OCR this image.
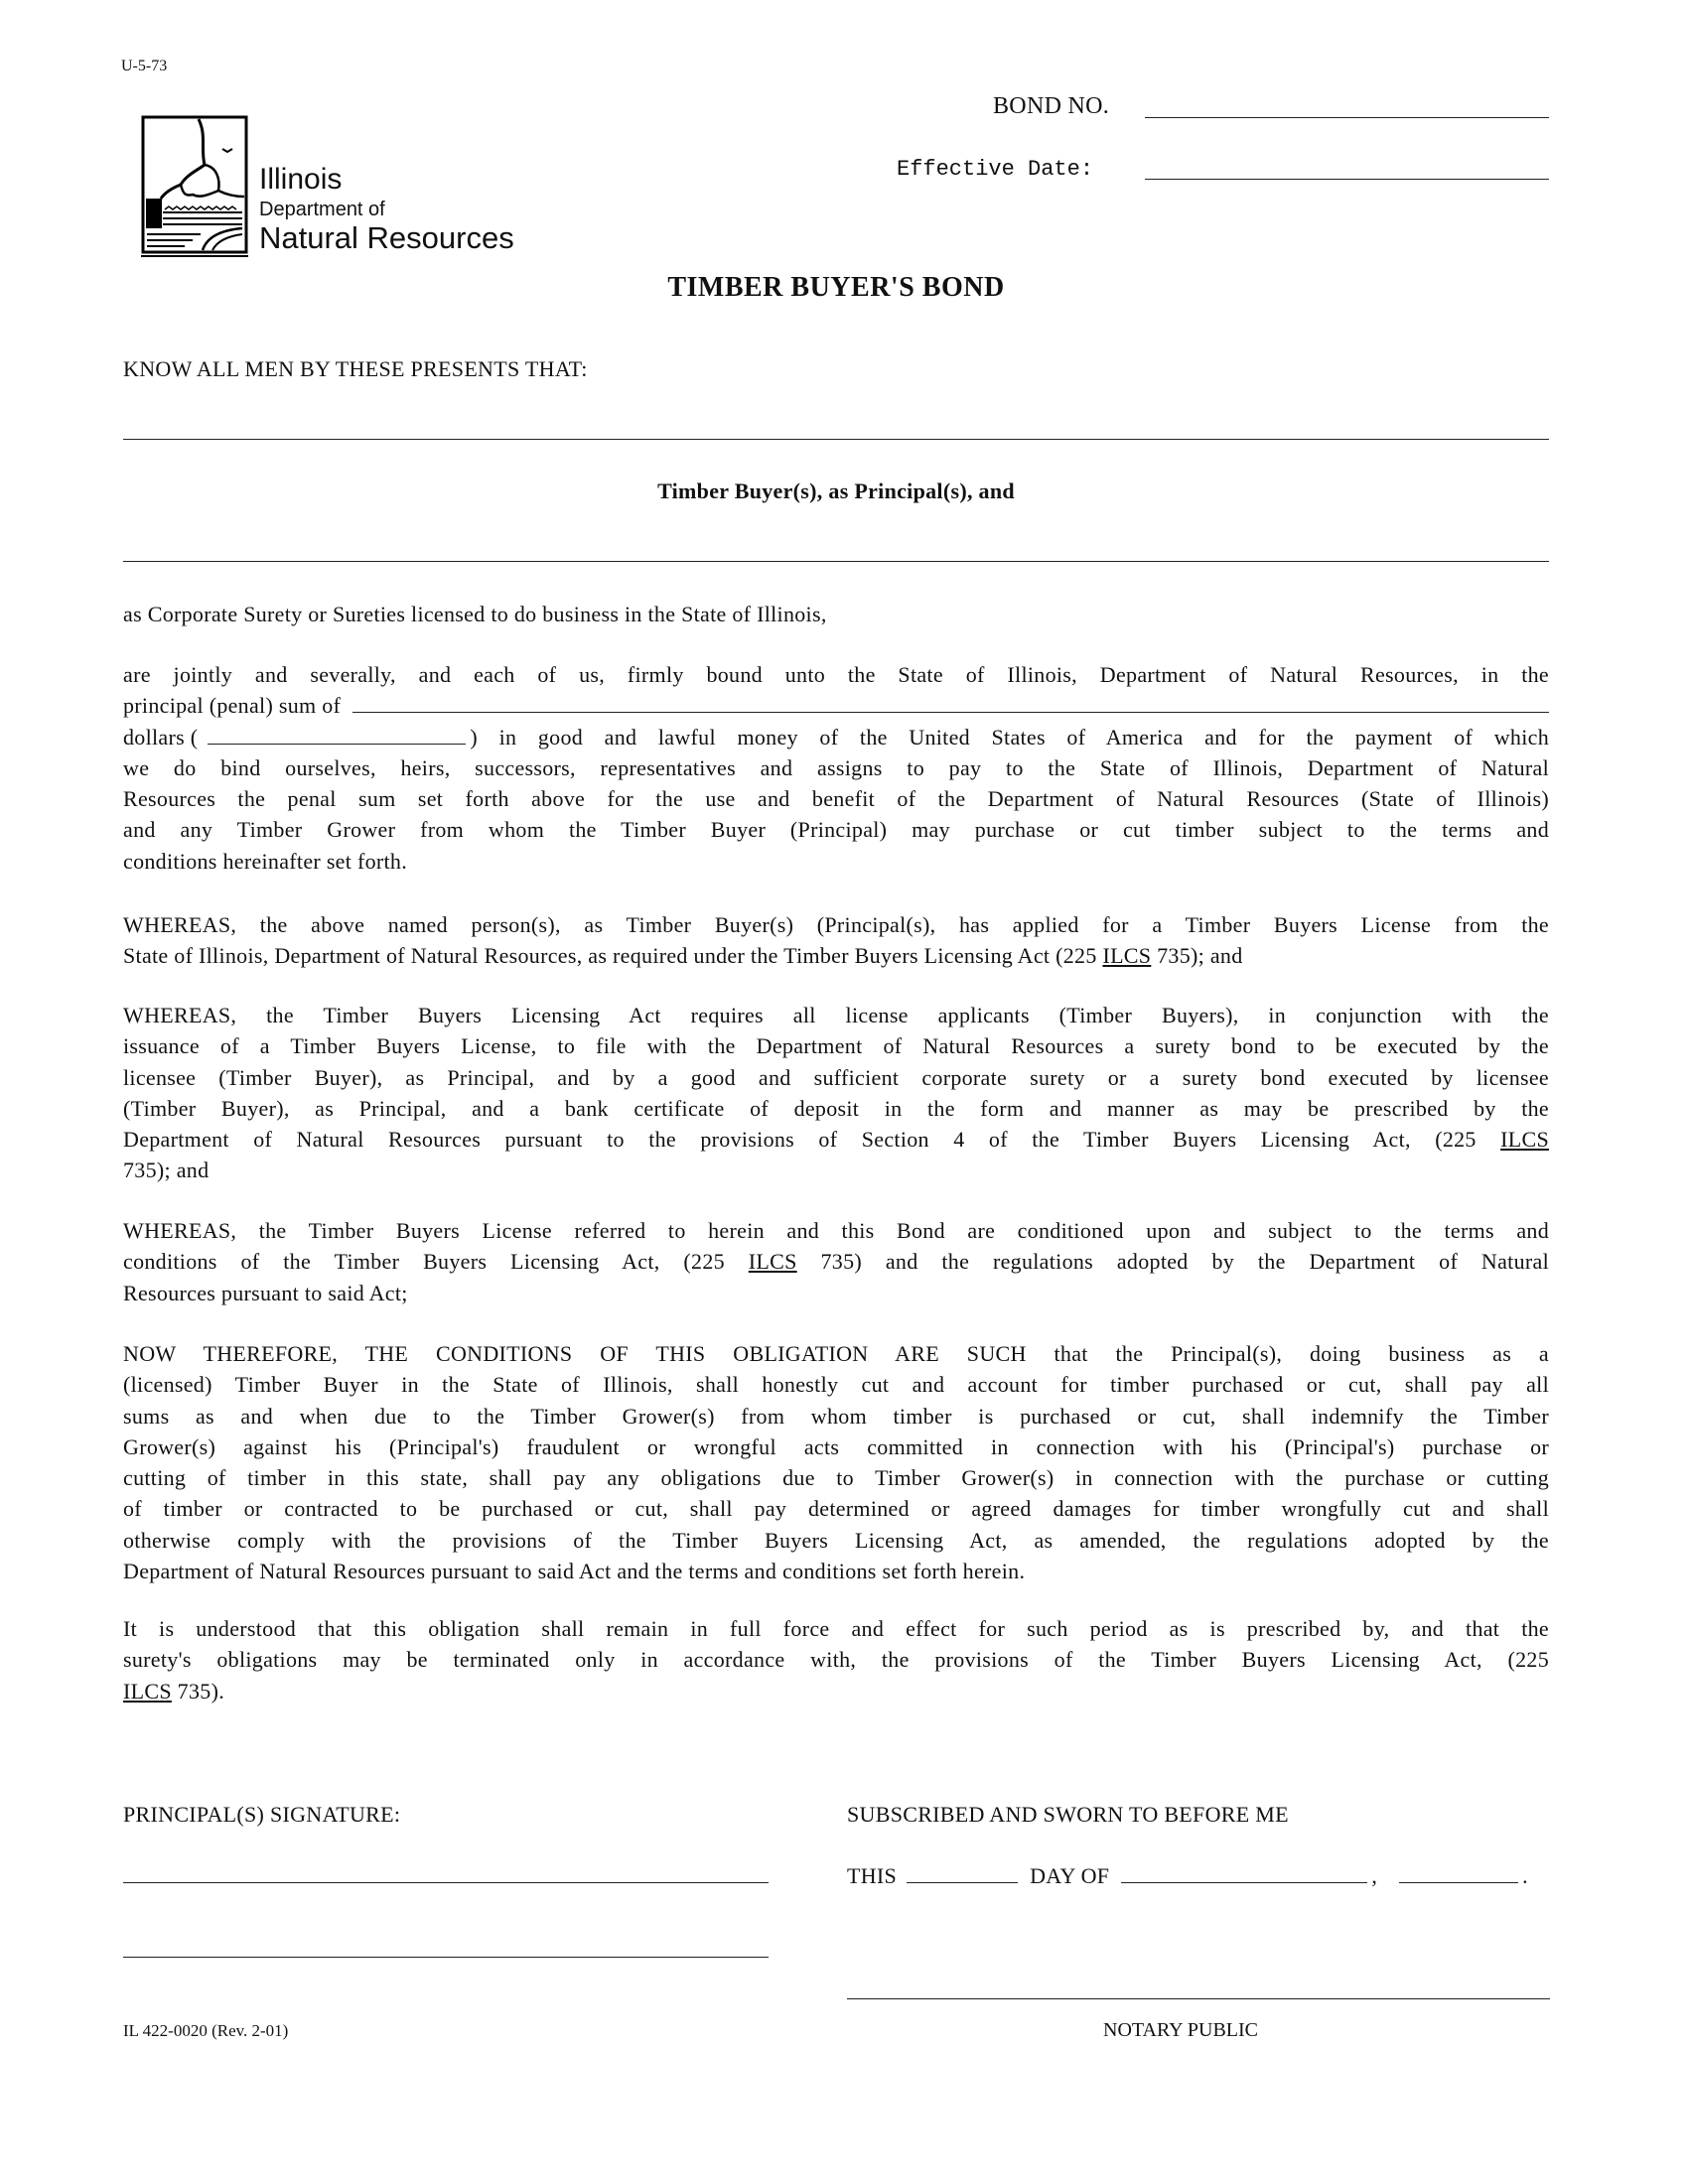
U-5-73
BOND NO.
Effective Date:
Illinois
Department of
Natural Resources
TIMBER BUYER'S BOND
KNOW ALL MEN BY THESE PRESENTS THAT:
Timber Buyer(s), as Principal(s), and
as Corporate Surety or Sureties licensed to do business in the State of Illinois,
are jointly and severally, and each of us, firmly bound unto the State of Illinois, Department of Natural Resources, in the
principal (penal) sum of
dollars (	) in good and lawful money of the United States of America and for the payment of which
we do bind ourselves, heirs, successors, representatives and assigns to pay to the State of Illinois, Department of Natural
Resources the penal sum set forth above for the use and benefit of the Department of Natural Resources (State of Illinois)
and any Timber Grower from whom the Timber Buyer (Principal) may purchase or cut timber subject to the terms and
conditions hereinafter set forth.
WHEREAS, the above named person(s), as Timber Buyer(s) (Principal(s), has applied for a Timber Buyers License from the
State of Illinois, Department of Natural Resources, as required under the Timber Buyers Licensing Act (225 ILCS 735); and
WHEREAS, the Timber Buyers Licensing Act requires all license applicants (Timber Buyers), in conjunction with the
issuance of a Timber Buyers License, to file with the Department of Natural Resources a surety bond to be executed by the
licensee (Timber Buyer), as Principal, and by a good and sufficient corporate surety or a surety bond executed by licensee
(Timber Buyer), as Principal, and a bank certificate of deposit in the form and manner as may be prescribed by the
Department of Natural Resources pursuant to the provisions of Section 4 of the Timber Buyers Licensing Act, (225 ILCS
735); and
WHEREAS, the Timber Buyers License referred to herein and this Bond are conditioned upon and subject to the terms and
conditions of the Timber Buyers Licensing Act, (225 ILCS 735) and the regulations adopted by the Department of Natural
Resources pursuant to said Act;
NOW THEREFORE, THE CONDITIONS OF THIS OBLIGATION ARE SUCH that the Principal(s), doing business as a
(licensed) Timber Buyer in the State of Illinois, shall honestly cut and account for timber purchased or cut, shall pay all
sums as and when due to the Timber Grower(s) from whom timber is purchased or cut, shall indemnify the Timber
Grower(s) against his (Principal's) fraudulent or wrongful acts committed in connection with his (Principal's) purchase or
cutting of timber in this state, shall pay any obligations due to Timber Grower(s) in connection with the purchase or cutting
of timber or contracted to be purchased or cut, shall pay determined or agreed damages for timber wrongfully cut and shall
otherwise comply with the provisions of the Timber Buyers Licensing Act, as amended, the regulations adopted by the
Department of Natural Resources pursuant to said Act and the terms and conditions set forth herein.
It is understood that this obligation shall remain in full force and effect for such period as is prescribed by, and that the
surety's obligations may be terminated only in accordance with, the provisions of the Timber Buyers Licensing Act, (225
ILCS 735).
PRINCIPAL(S) SIGNATURE:	SUBSCRIBED AND SWORN TO BEFORE ME
THIS	DAY OF	,	.
NOTARY PUBLIC
IL 422-0020 (Rev. 2-01)
